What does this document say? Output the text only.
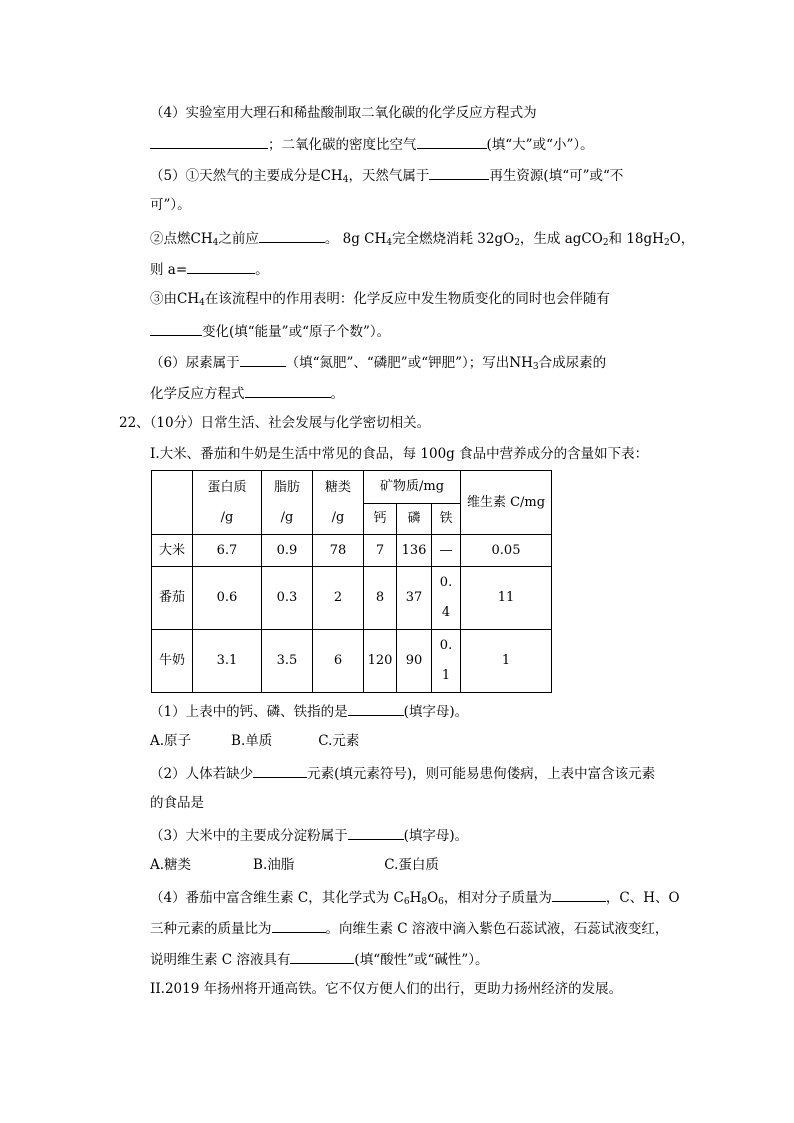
（4）实验室用大理石和稀盐酸制取二氧化碳的化学反应方程式为
；二氧化碳的密度比空气	(填“大”或“小”）。
（5）①天然气的主要成分是$CH_4$，天然气属于	再生资源(填“可”或“不
可”）。
②点燃$CH_4$之前应	。 8g $CH_4$完全燃烧消耗 $32gO_2$，生成 agCO$_2$和 $18gH_2O$，
则 a=	。
③由$CH_4$在该流程中的作用表明：化学反应中发生物质变化的同时也会伴随有
变化(填“能量”或“原子个数”）。
（6）尿素属于	（填“氮肥”、“磷肥”或“钾肥”）；写出$NH_3$合成尿素的
化学反应方程式	。
22、（10分）日常生活、社会发展与化学密切相关。
I.大米、番茄和牛奶是生活中常见的食品，每 100g 食品中营养成分的含量如下表：
	蛋白质
/g	脂肪
/g	糖类
/g	矿物质/mg			维生素 C/mg
				钙	磷	铁	
大米	6.7	0.9	78	7	136	—	0.05
番茄	0.6	0.3	2	8	37	0.
4	11
牛奶	3.1	3.5	6	120	90	0.
1	1
（1）上表中的钙、磷、铁指的是	(填字母)。
A.原子	B.单质	C.元素
（2）人体若缺少	元素(填元素符号)，则可能易患佝偻病，上表中富含该元素
的食品是
（3）大米中的主要成分淀粉属于	(填字母)。
A.糖类	B.油脂	C.蛋白质
（4）番茄中富含维生素 C，其化学式为 $C_6H_8O_6$，相对分子质量为	，C、H、O
三种元素的质量比为	。向维生素 C 溶液中滴入紫色石蕊试液，石蕊试液变红，
说明维生素 C 溶液具有	(填“酸性”或“碱性”）。
II.2019 年扬州将开通高铁。它不仅方便人们的出行，更助力扬州经济的发展。
